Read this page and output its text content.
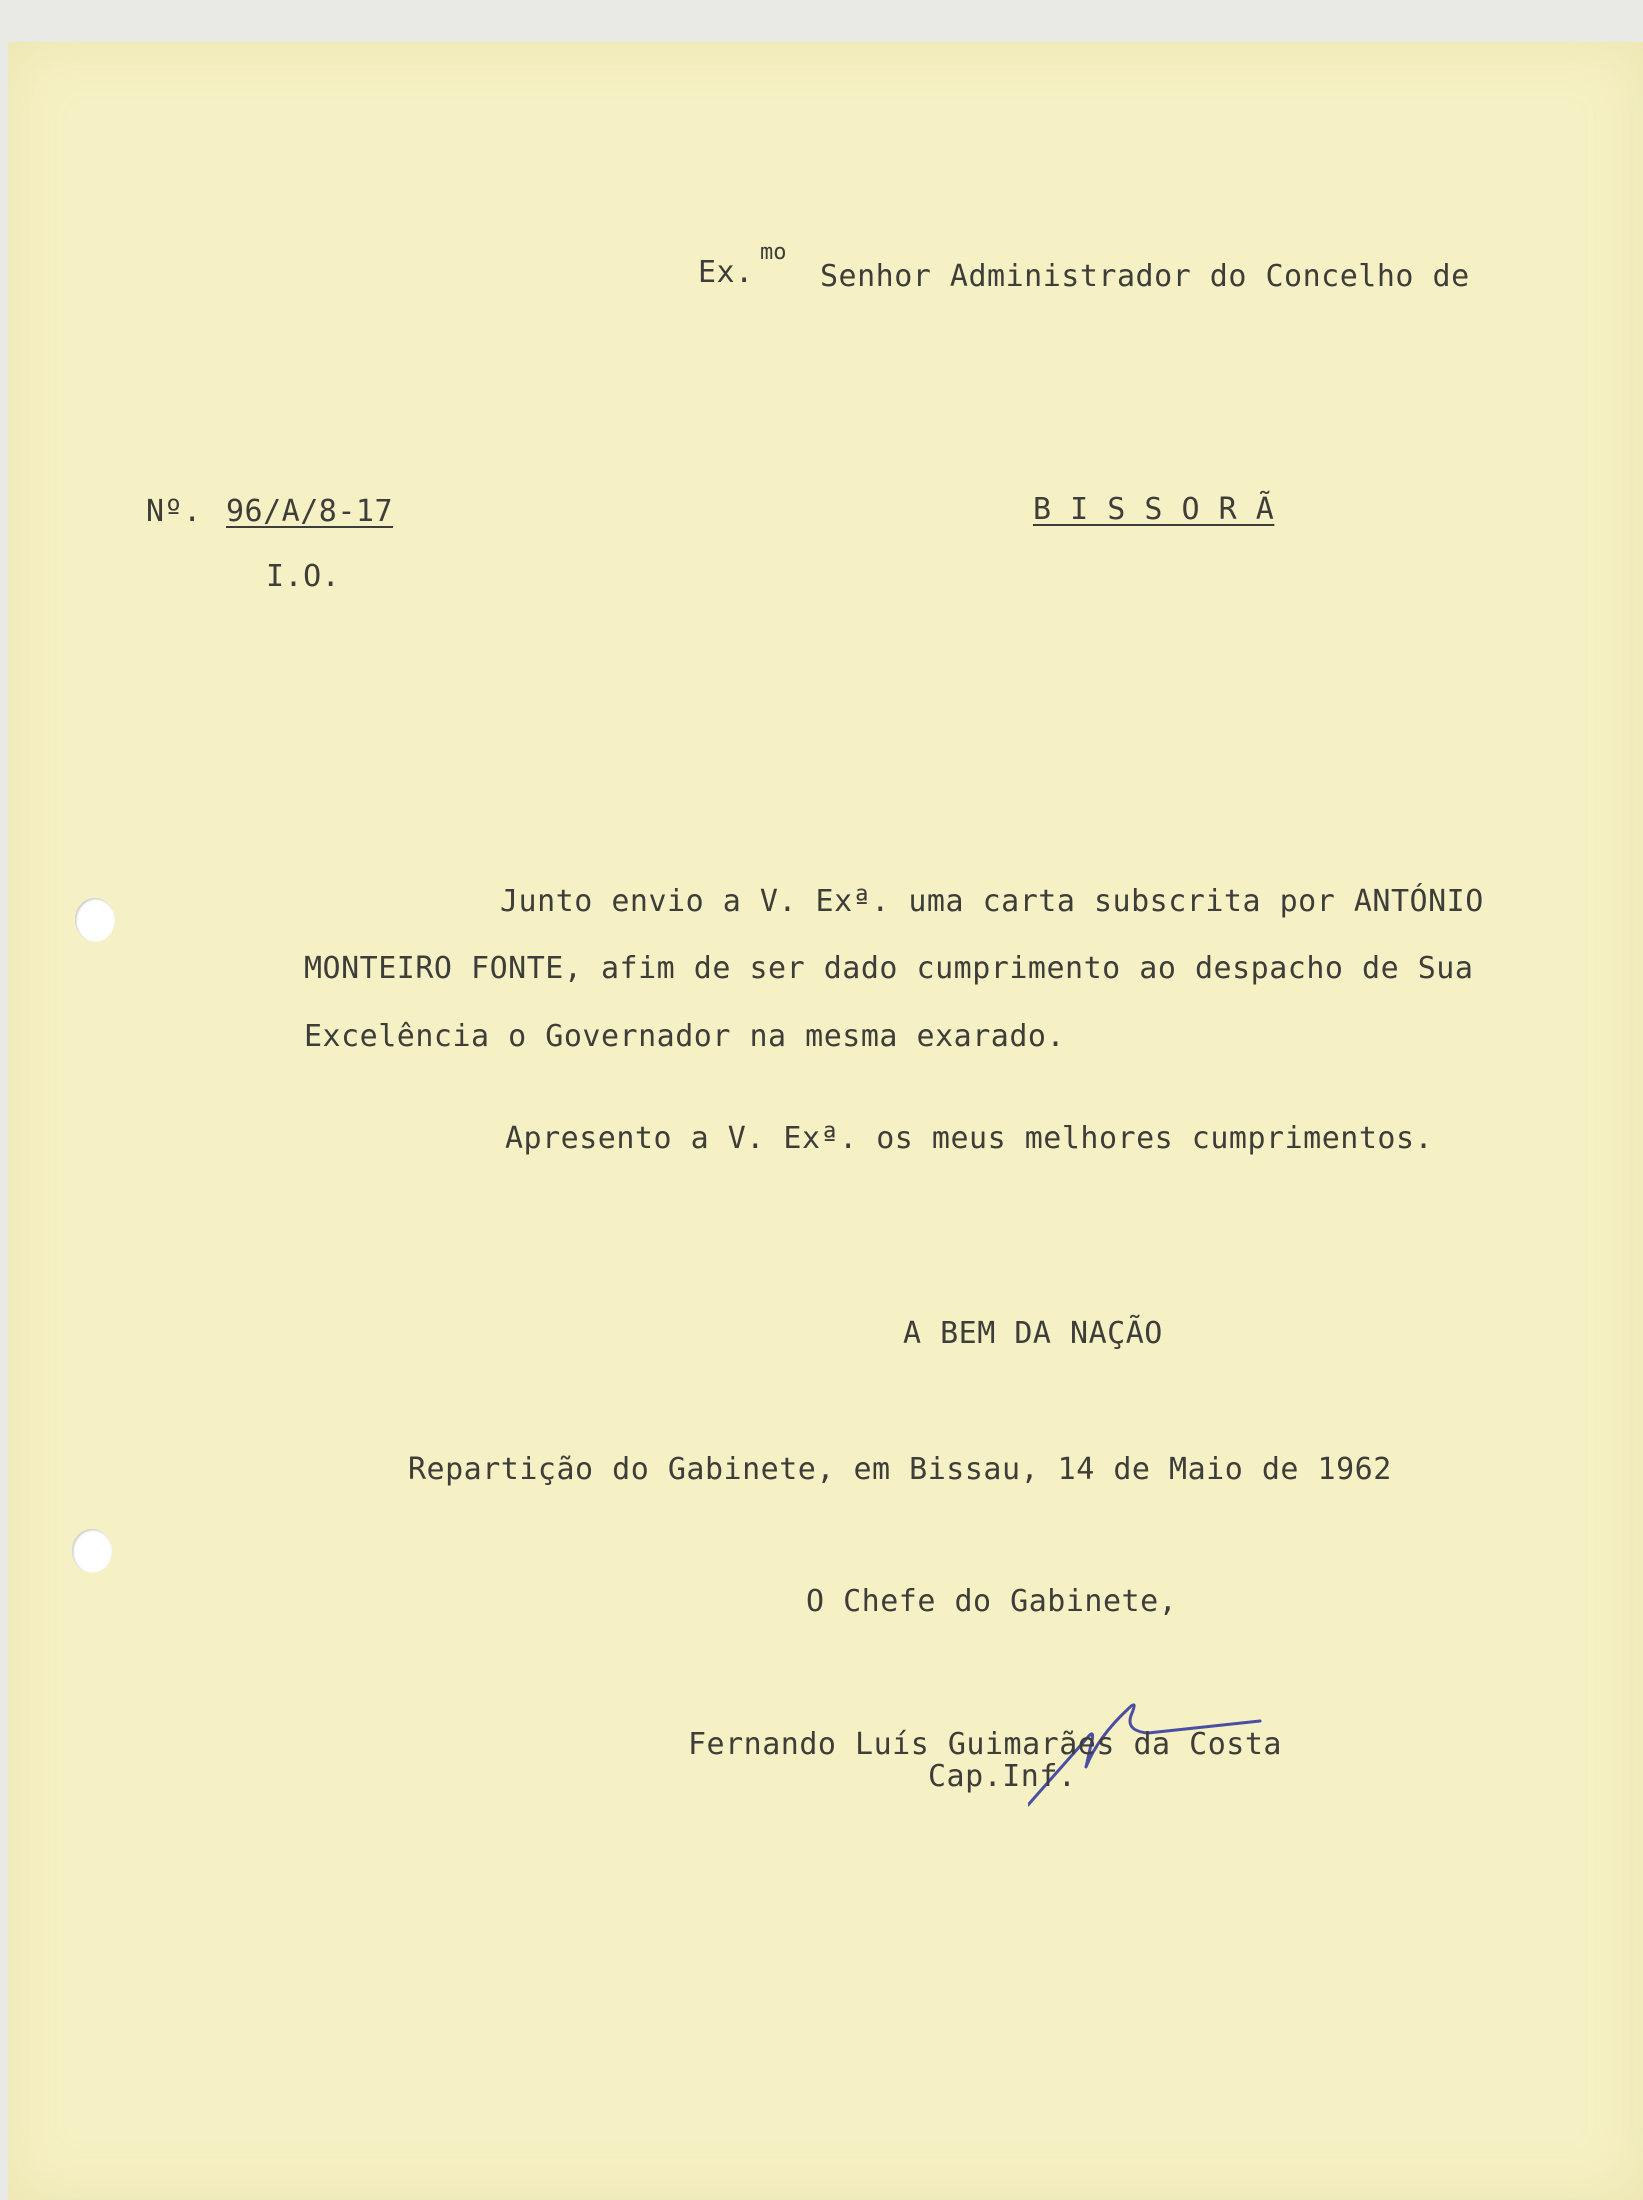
Ex.
mo
Senhor Administrador do Concelho de
Nº. 96/A/8-17
I.O.
B I S S O R Ã
Junto envio a V. Exª. uma carta subscrita por ANTÓNIO
MONTEIRO FONTE, afim de ser dado cumprimento ao despacho de Sua
Excelência o Governador na mesma exarado.
Apresento a V. Exª. os meus melhores cumprimentos.
A BEM DA NAÇÃO
Repartição do Gabinete, em Bissau, 14 de Maio de 1962
O Chefe do Gabinete,
Fernando Luís Guimarães da Costa
Cap.Inf.
